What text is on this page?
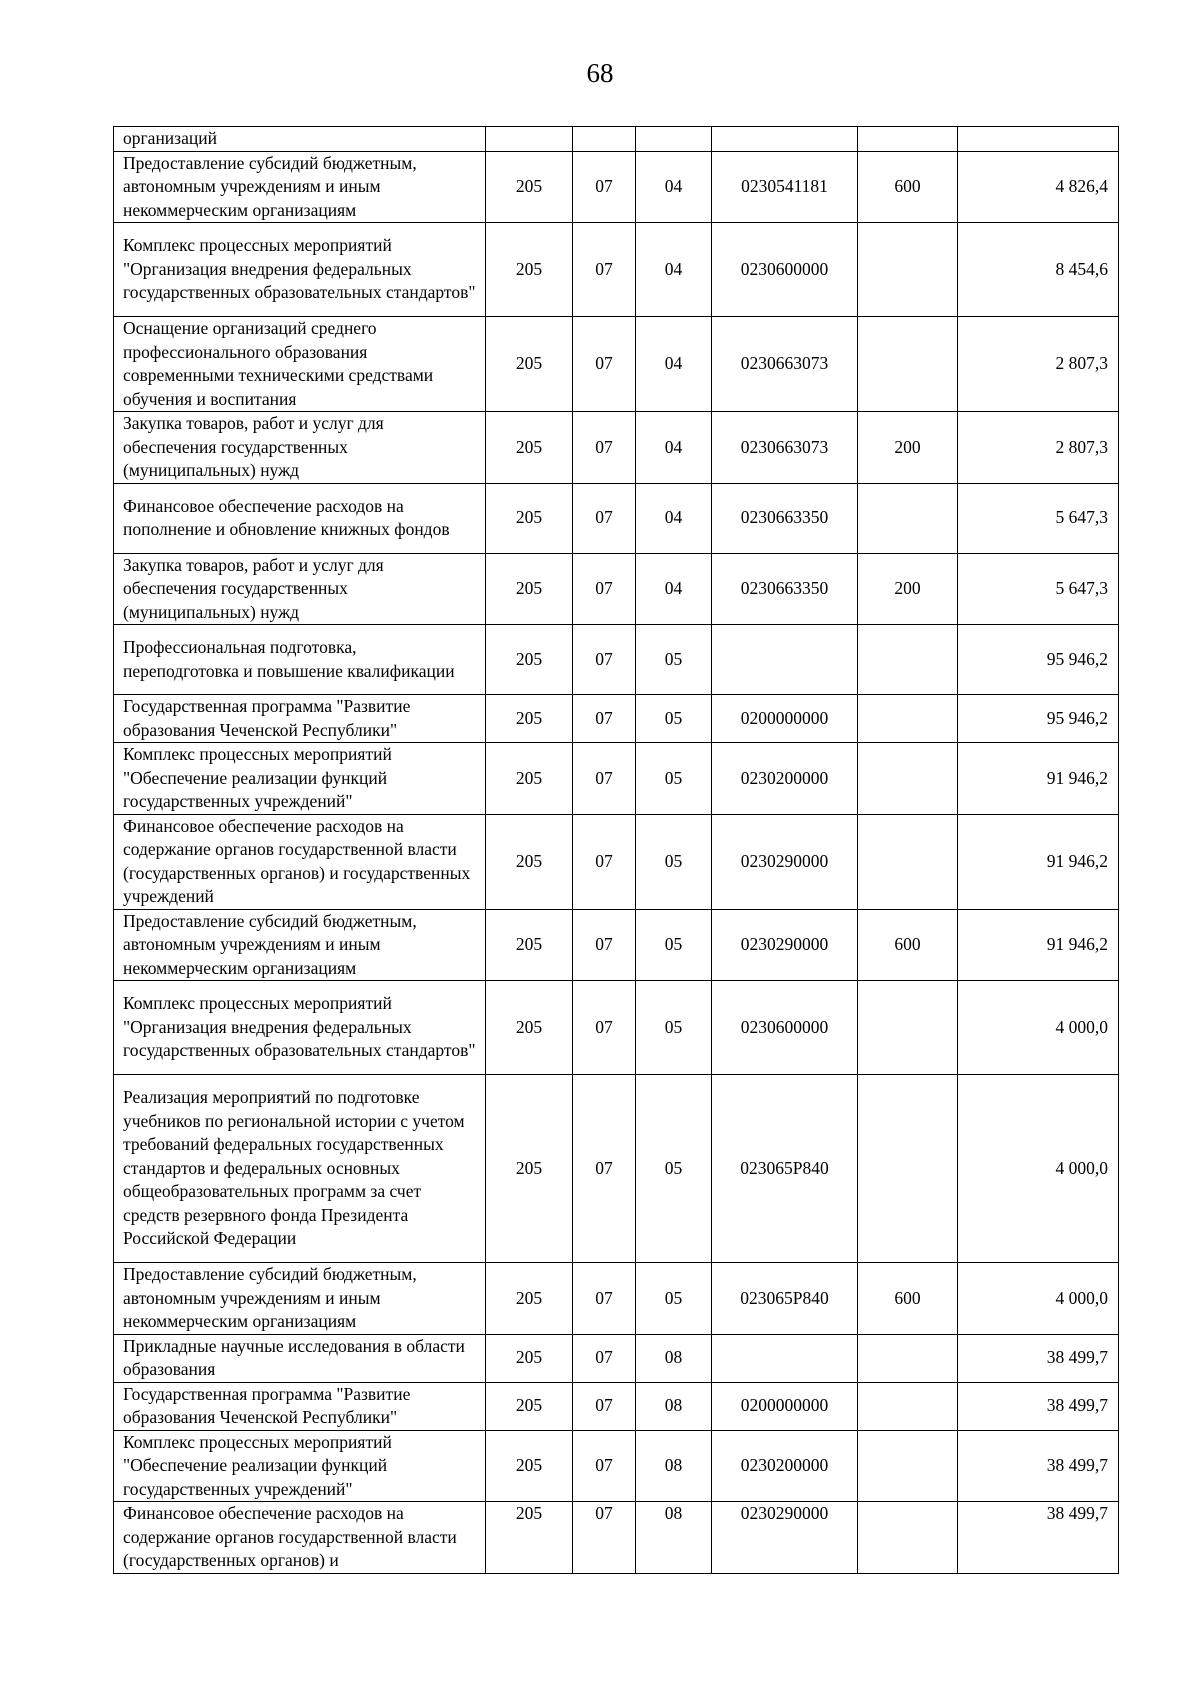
68
организаций						
Предоставление субсидий бюджетным, автономным учреждениям и иным некоммерческим организациям	205	07	04	0230541181	600	4 826,4
Комплекс процессных мероприятий "Организация внедрения федеральных государственных образовательных стандартов"	205	07	04	0230600000		8 454,6
Оснащение организаций среднего профессионального образования современными техническими средствами обучения и воспитания	205	07	04	0230663073		2 807,3
Закупка товаров, работ и услуг для обеспечения государственных (муниципальных) нужд	205	07	04	0230663073	200	2 807,3
Финансовое обеспечение расходов на пополнение и обновление книжных фондов	205	07	04	0230663350		5 647,3
Закупка товаров, работ и услуг для обеспечения государственных (муниципальных) нужд	205	07	04	0230663350	200	5 647,3
Профессиональная подготовка, переподготовка и повышение квалификации	205	07	05			95 946,2
Государственная программа "Развитие образования Чеченской Республики"	205	07	05	0200000000		95 946,2
Комплекс процессных мероприятий "Обеспечение реализации функций государственных учреждений"	205	07	05	0230200000		91 946,2
Финансовое обеспечение расходов на содержание органов государственной власти (государственных органов) и государственных учреждений	205	07	05	0230290000		91 946,2
Предоставление субсидий бюджетным, автономным учреждениям и иным некоммерческим организациям	205	07	05	0230290000	600	91 946,2
Комплекс процессных мероприятий "Организация внедрения федеральных государственных образовательных стандартов"	205	07	05	0230600000		4 000,0
Реализация мероприятий по подготовке учебников по региональной истории с учетом требований федеральных государственных стандартов и федеральных основных общеобразовательных программ за счет средств резервного фонда Президента Российской Федерации	205	07	05	023065Р840		4 000,0
Предоставление субсидий бюджетным, автономным учреждениям и иным некоммерческим организациям	205	07	05	023065Р840	600	4 000,0
Прикладные научные исследования в области образования	205	07	08			38 499,7
Государственная программа "Развитие образования Чеченской Республики"	205	07	08	0200000000		38 499,7
Комплекс процессных мероприятий "Обеспечение реализации функций государственных учреждений"	205	07	08	0230200000		38 499,7
Финансовое обеспечение расходов на содержание органов государственной власти (государственных органов) и	205	07	08	0230290000		38 499,7
